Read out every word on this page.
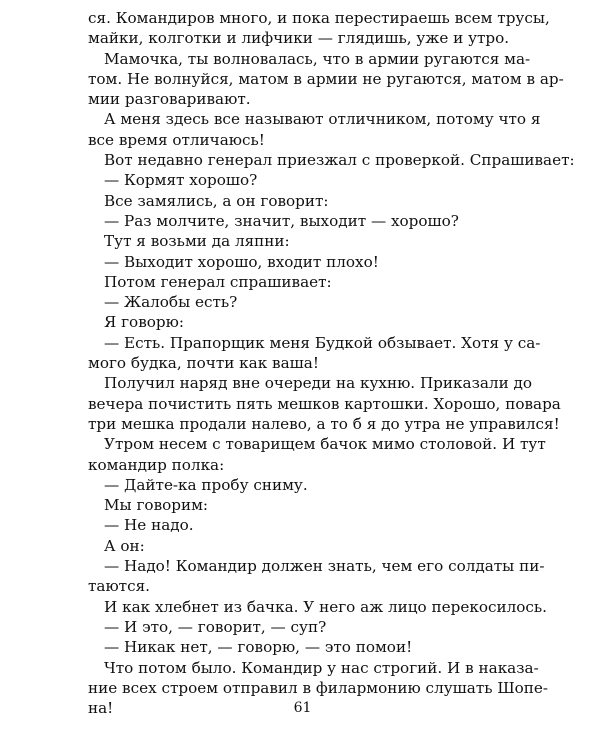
ся. Командиров много, и пока перестираешь всем трусы,
майки, колготки и лифчики — глядишь, уже и утро.
Мамочка, ты волновалась, что в армии ругаются ма-
том. Не волнуйся, матом в армии не ругаются, матом в ар-
мии разговаривают.
А меня здесь все называют отличником, потому что я
все время отличаюсь!
Вот недавно генерал приезжал с проверкой. Спрашивает:
— Кормят хорошо?
Все замялись, а он говорит:
— Раз молчите, значит, выходит — хорошо?
Тут я возьми да ляпни:
— Выходит хорошо, входит плохо!
Потом генерал спрашивает:
— Жалобы есть?
Я говорю:
— Есть. Прапорщик меня Будкой обзывает. Хотя у са-
мого будка, почти как ваша!
Получил наряд вне очереди на кухню. Приказали до
вечера почистить пять мешков картошки. Хорошо, повара
три мешка продали налево, а то б я до утра не управился!
Утром несем с товарищем бачок мимо столовой. И тут
командир полка:
— Дайте-ка пробу сниму.
Мы говорим:
— Не надо.
А он:
— Надо! Командир должен знать, чем его солдаты пи-
таются.
И как хлебнет из бачка. У него аж лицо перекосилось.
— И это, — говорит, — суп?
— Никак нет, — говорю, — это помои!
Что потом было. Командир у нас строгий. И в наказа-
ние всех строем отправил в филармонию слушать Шопе-
на!	61
